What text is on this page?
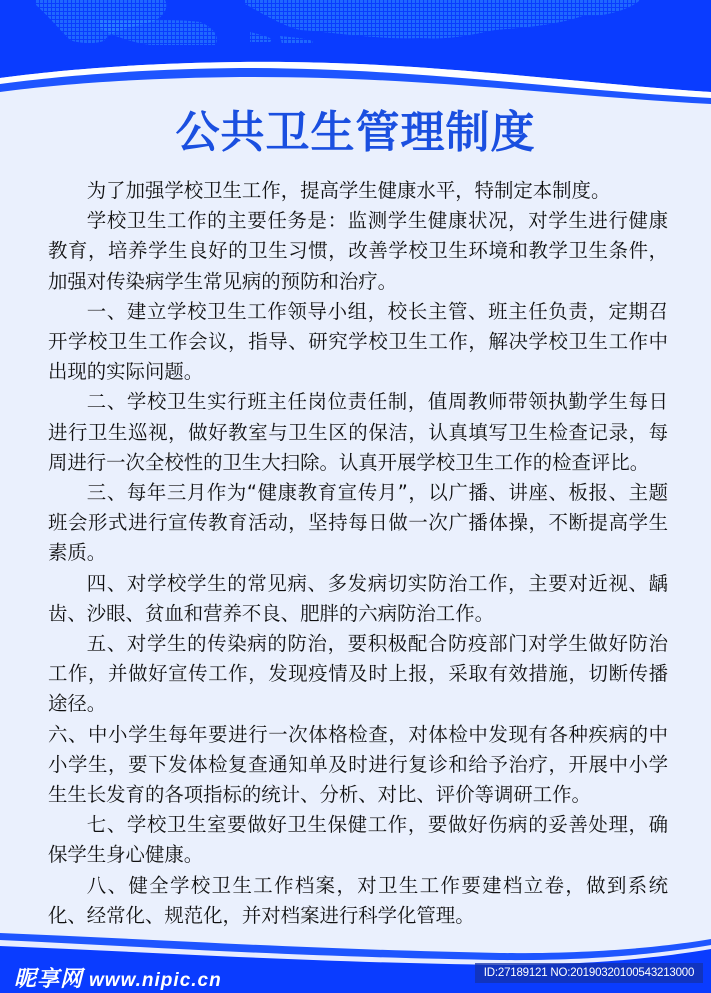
公共卫生管理制度

为了加强学校卫生工作，提高学生健康水平，特制定本制度。

学校卫生工作的主要任务是：监测学生健康状况，对学生进行健康教育，培养学生良好的卫生习惯，改善学校卫生环境和教学卫生条件，加强对传染病学生常见病的预防和治疗。

一、建立学校卫生工作领导小组，校长主管、班主任负责，定期召开学校卫生工作会议，指导、研究学校卫生工作，解决学校卫生工作中出现的实际问题。

二、学校卫生实行班主任岗位责任制，值周教师带领执勤学生每日进行卫生巡视，做好教室与卫生区的保洁，认真填写卫生检查记录，每周进行一次全校性的卫生大扫除。认真开展学校卫生工作的检查评比。

三、每年三月作为“健康教育宣传月”，以广播、讲座、板报、主题班会形式进行宣传教育活动，坚持每日做一次广播体操，不断提高学生素质。

四、对学校学生的常见病、多发病切实防治工作，主要对近视、龋齿、沙眼、贫血和营养不良、肥胖的六病防治工作。

五、对学生的传染病的防治，要积极配合防疫部门对学生做好防治工作，并做好宣传工作，发现疫情及时上报，采取有效措施，切断传播途径。

六、中小学生每年要进行一次体格检查，对体检中发现有各种疾病的中小学生，要下发体检复查通知单及时进行复诊和给予治疗，开展中小学生生长发育的各项指标的统计、分析、对比、评价等调研工作。

七、学校卫生室要做好卫生保健工作，要做好伤病的妥善处理，确保学生身心健康。

八、健全学校卫生工作档案，对卫生工作要建档立卷，做到系统化、经常化、规范化，并对档案进行科学化管理。

昵享网 www.nipic.cn	ID:27189121 NO:20190320100543213000
